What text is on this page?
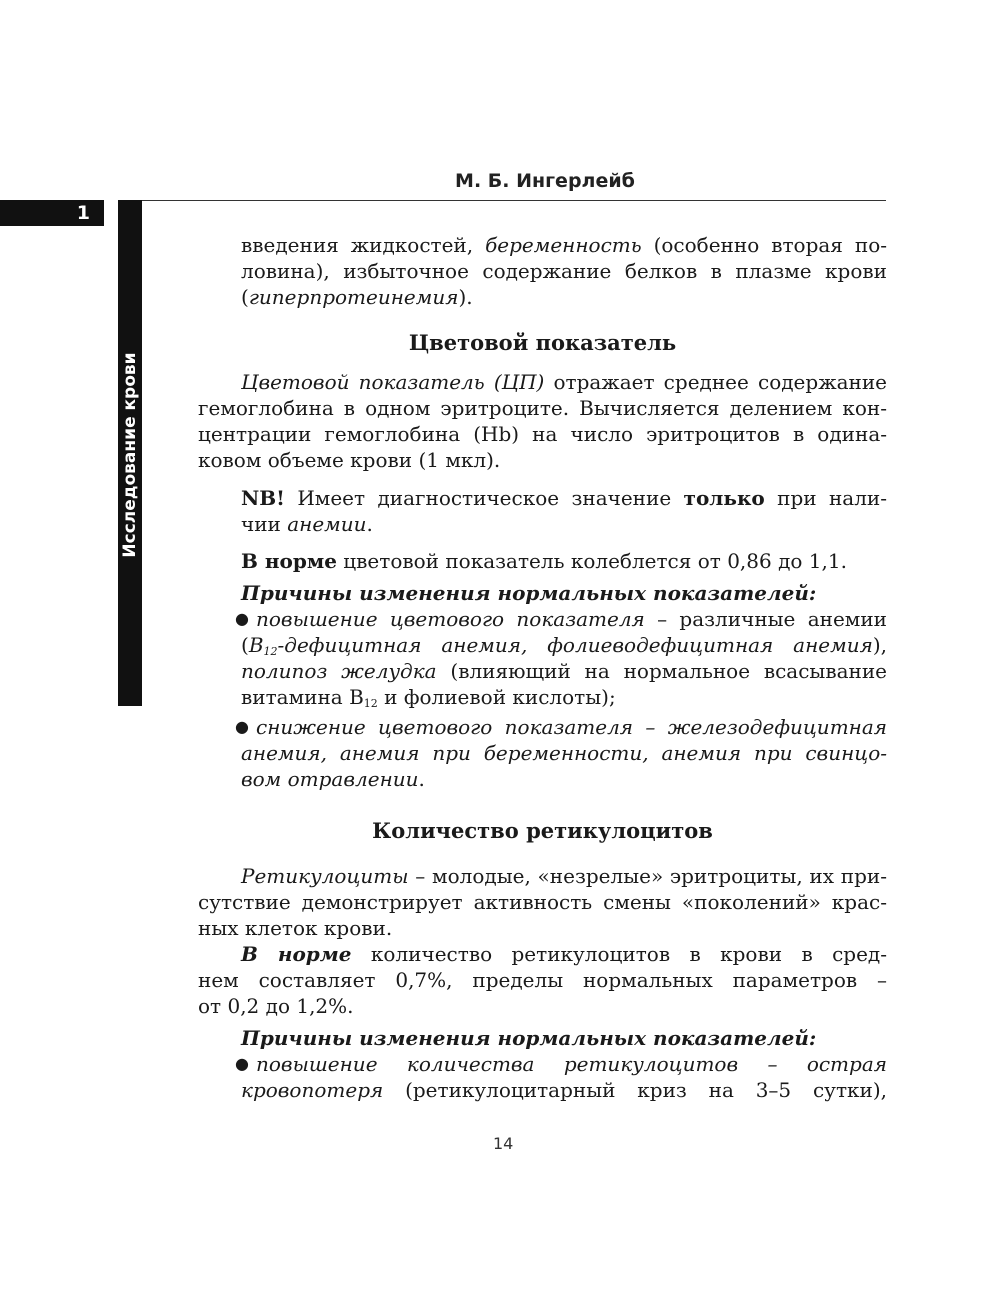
М. Б. Ингерлейб
1
Исследование крови
введения жидкостей, беременность (особенно вторая по-
ловина), избыточное содержание белков в плазме крови
(гиперпротеинемия).
Цветовой показатель
Цветовой показатель (ЦП) отражает среднее содержание
гемоглобина в одном эритроците. Вычисляется делением кон-
центрации гемоглобина (Hb) на число эритроцитов в одина-
ковом объеме крови (1 мкл).
NB! Имеет диагностическое значение только при нали-
чии анемии.
В норме цветовой показатель колеблется от 0,86 до 1,1.
Причины изменения нормальных показателей:
● повышение цветового показателя – различные анемии
($B_{12}$-дефицитная анемия, фолиеводефицитная анемия),
полипоз желудка (влияющий на нормальное всасывание
витамина $B_{12}$ и фолиевой кислоты);
● снижение цветового показателя – железодефицитная
анемия, анемия при беременности, анемия при свинцо-
вом отравлении.
Количество ретикулоцитов
Ретикулоциты – молодые, «незрелые» эритроциты, их при-
сутствие демонстрирует активность смены «поколений» крас-
ных клеток крови.
В норме количество ретикулоцитов в крови в сред-
нем составляет 0,7%, пределы нормальных параметров –
от 0,2 до 1,2%.
Причины изменения нормальных показателей:
● повышение количества ретикулоцитов – острая
кровопотеря (ретикулоцитарный криз на 3–5 сутки),
14
